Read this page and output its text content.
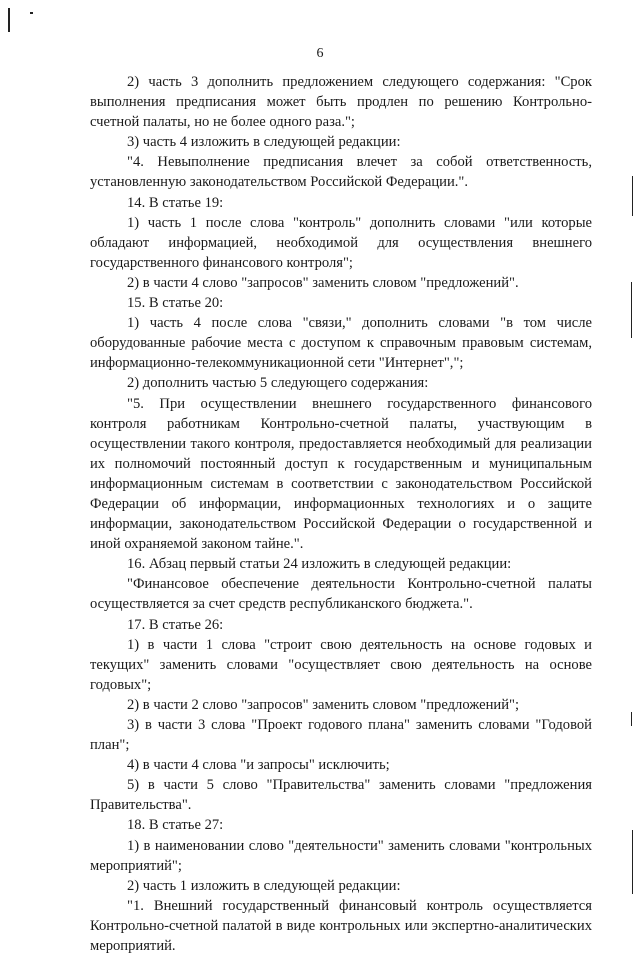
6

2) часть 3 дополнить предложением следующего содержания: "Срок выполнения предписания может быть продлен по решению Контрольно-счетной палаты, но не более одного раза.";

3) часть 4 изложить в следующей редакции:

"4. Невыполнение предписания влечет за собой ответственность, установленную законодательством Российской Федерации.".

14. В статье 19:

1) часть 1 после слова "контроль" дополнить словами "или которые обладают информацией, необходимой для осуществления внешнего государственного финансового контроля";

2) в части 4 слово "запросов" заменить словом "предложений".

15. В статье 20:

1) часть 4 после слова "связи," дополнить словами "в том числе оборудованные рабочие места с доступом к справочным правовым системам, информационно-телекоммуникационной сети "Интернет",";

2) дополнить частью 5 следующего содержания:

"5. При осуществлении внешнего государственного финансового контроля работникам Контрольно-счетной палаты, участвующим в осуществлении такого контроля, предоставляется необходимый для реализации их полномочий постоянный доступ к государственным и муниципальным информационным системам в соответствии с законодательством Российской Федерации об информации, информационных технологиях и о защите информации, законодательством Российской Федерации о государственной и иной охраняемой законом тайне.".

16. Абзац первый статьи 24 изложить в следующей редакции:

"Финансовое обеспечение деятельности Контрольно-счетной палаты осуществляется за счет средств республиканского бюджета.".

17. В статье 26:

1) в части 1 слова "строит свою деятельность на основе годовых и текущих" заменить словами "осуществляет свою деятельность на основе годовых";

2) в части 2 слово "запросов" заменить словом "предложений";

3) в части 3 слова "Проект годового плана" заменить словами "Годовой план";

4) в части 4 слова "и запросы" исключить;

5) в части 5 слово "Правительства" заменить словами "предложения Правительства".

18. В статье 27:

1) в наименовании слово "деятельности" заменить словами "контрольных мероприятий";

2) часть 1 изложить в следующей редакции:

"1. Внешний государственный финансовый контроль осуществляется Контрольно-счетной палатой в виде контрольных или экспертно-аналитических мероприятий.
